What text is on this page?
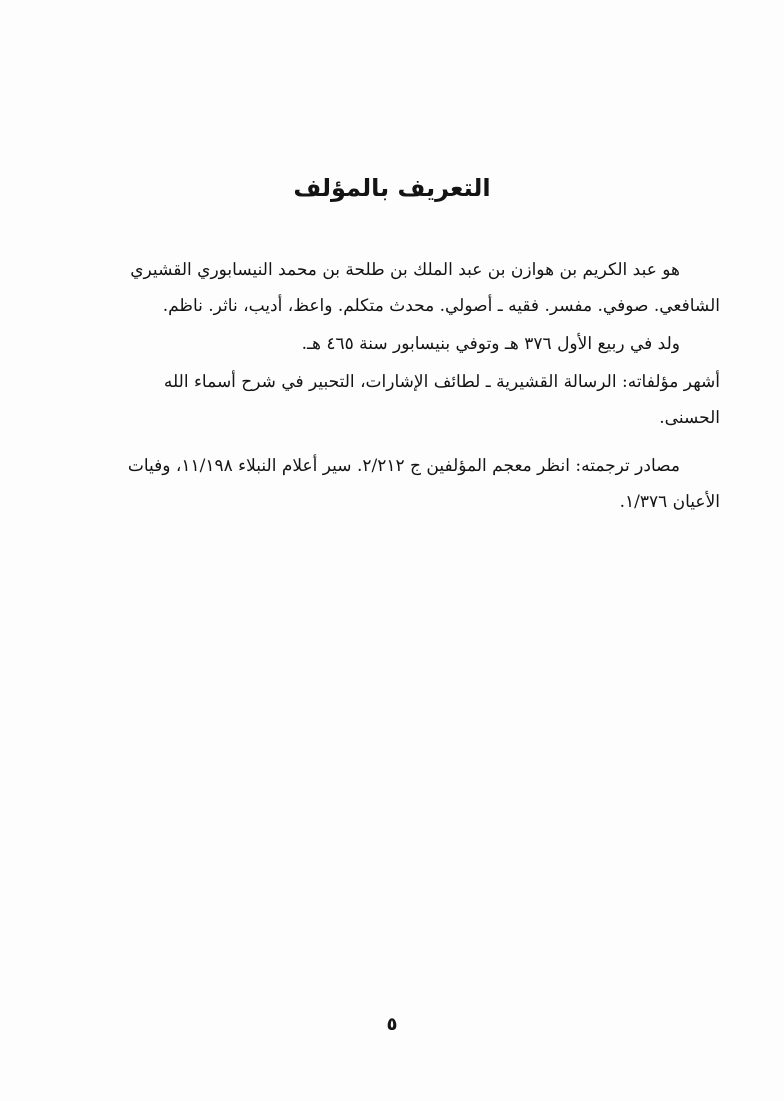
التعريف بالمؤلف

هو عبد الكريم بن هوازن بن عبد الملك بن طلحة بن محمد النيسابوري القشيري الشافعي. صوفي. مفسر. فقيه ـ أصولي. محدث متكلم. واعظ، أديب، ناثر. ناظم.

ولد في ربيع الأول ٣٧٦ هـ وتوفي بنيسابور سنة ٤٦٥ هـ.

أشهر مؤلفاته: الرسالة القشيرية ـ لطائف الإشارات، التحبير في شرح أسماء الله الحسنى.

مصادر ترجمته: انظر معجم المؤلفين ج ٢/٢١٢. سير أعلام النبلاء ١١/١٩٨، وفيات الأعيان ١/٣٧٦.

٥
